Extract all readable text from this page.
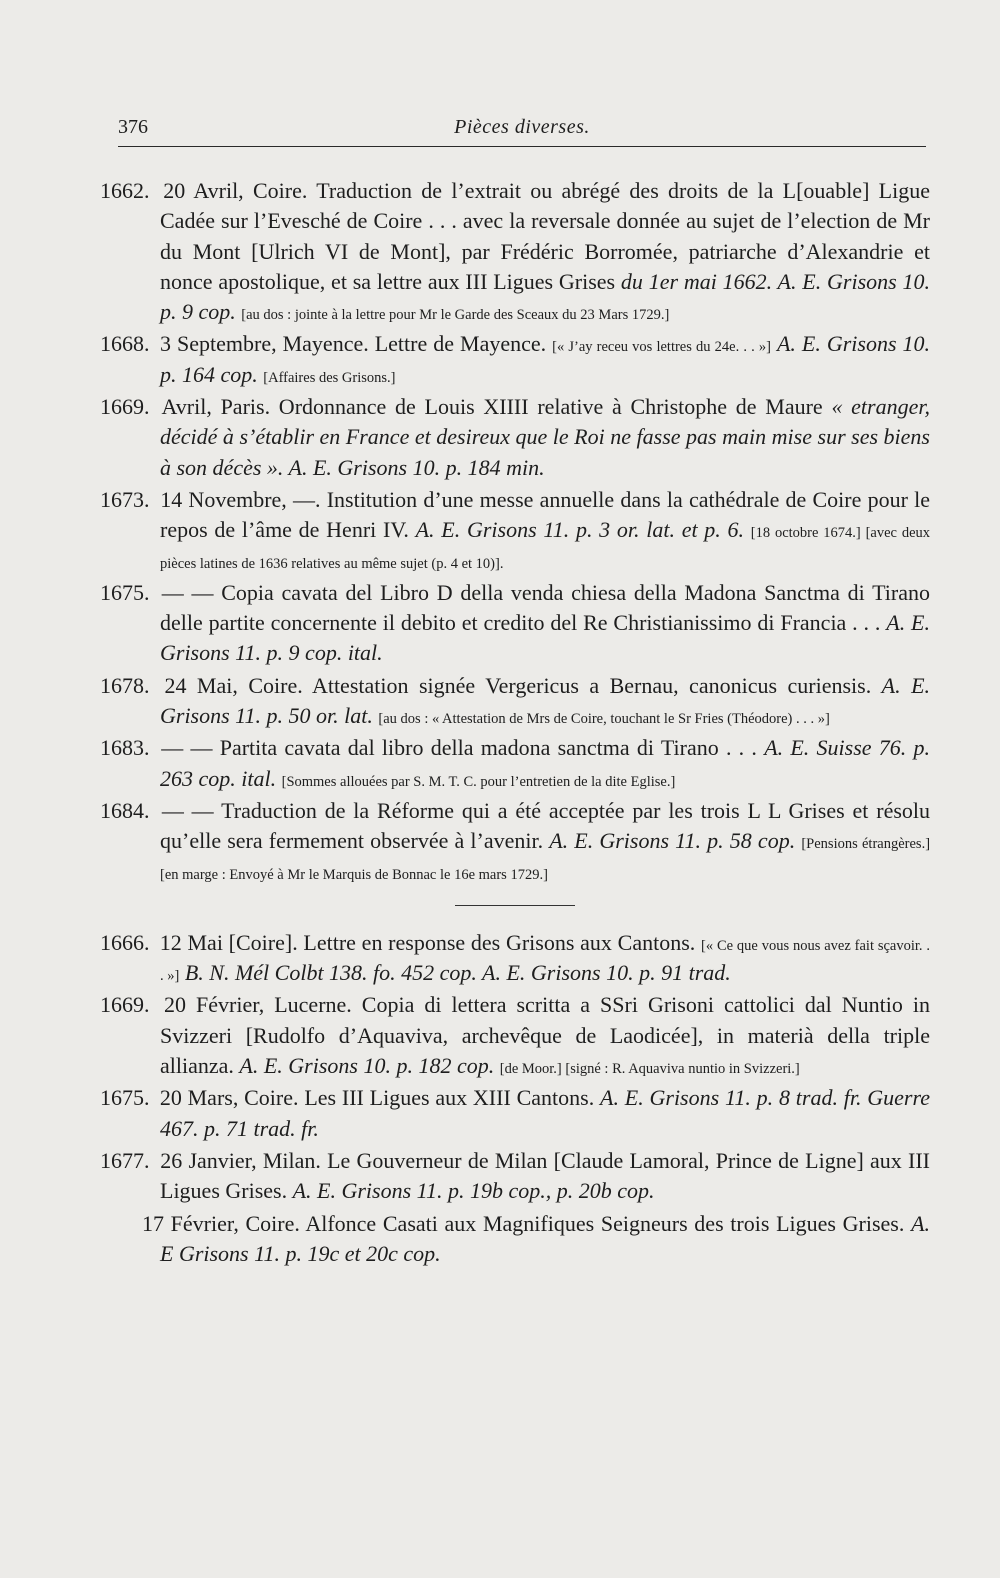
376	Pièces diverses.

1662. 20 Avril, Coire. Traduction de l’extrait ou abrégé des droits de la L[ouable] Ligue Cadée sur l’Evesché de Coire . . . avec la reversale donnée au sujet de l’election de Mr du Mont [Ulrich VI de Mont], par Frédéric Borromée, patriarche d’Alexandrie et nonce apostolique, et sa lettre aux III Ligues Grises du 1er mai 1662. A. E. Grisons 10. p. 9 cop. [au dos : jointe à la lettre pour Mr le Garde des Sceaux du 23 Mars 1729.]

1668. 3 Septembre, Mayence. Lettre de Mayence. [« J’ay receu vos lettres du 24e. . . »] A. E. Grisons 10. p. 164 cop. [Affaires des Grisons.]

1669. Avril, Paris. Ordonnance de Louis XIIII relative à Christophe de Maure « etranger, décidé à s’établir en France et desireux que le Roi ne fasse pas main mise sur ses biens à son décès ». A. E. Grisons 10. p. 184 min.

1673. 14 Novembre, —. Institution d’une messe annuelle dans la cathédrale de Coire pour le repos de l’âme de Henri IV. A. E. Grisons 11. p. 3 or. lat. et p. 6. [18 octobre 1674.] [avec deux pièces latines de 1636 relatives au même sujet (p. 4 et 10)].

1675. — — Copia cavata del Libro D della venda chiesa della Madona Sanctma di Tirano delle partite concernente il debito et credito del Re Christianissimo di Francia . . . A. E. Grisons 11. p. 9 cop. ital.

1678. 24 Mai, Coire. Attestation signée Vergericus a Bernau, canonicus curiensis. A. E. Grisons 11. p. 50 or. lat. [au dos : « Attestation de Mrs de Coire, touchant le Sr Fries (Théodore) . . . »]

1683. — — Partita cavata dal libro della madona sanctma di Tirano . . . A. E. Suisse 76. p. 263 cop. ital. [Sommes allouées par S. M. T. C. pour l’entretien de la dite Eglise.]

1684. — — Traduction de la Réforme qui a été acceptée par les trois L L Grises et résolu qu’elle sera fermement observée à l’avenir. A. E. Grisons 11. p. 58 cop. [Pensions étrangères.] [en marge : Envoyé à Mr le Marquis de Bonnac le 16e mars 1729.]

1666. 12 Mai [Coire]. Lettre en response des Grisons aux Cantons. [« Ce que vous nous avez fait sçavoir. . . »] B. N. Mél Colbt 138. fo. 452 cop. A. E. Grisons 10. p. 91 trad.

1669. 20 Février, Lucerne. Copia di lettera scritta a SSri Grisoni cattolici dal Nuntio in Svizzeri [Rudolfo d’Aquaviva, archevêque de Laodicée], in materià della triple allianza. A. E. Grisons 10. p. 182 cop. [de Moor.] [signé : R. Aquaviva nuntio in Svizzeri.]

1675. 20 Mars, Coire. Les III Ligues aux XIII Cantons. A. E. Grisons 11. p. 8 trad. fr. Guerre 467. p. 71 trad. fr.

1677. 26 Janvier, Milan. Le Gouverneur de Milan [Claude Lamoral, Prince de Ligne] aux III Ligues Grises. A. E. Grisons 11. p. 19b cop., p. 20b cop.

17 Février, Coire. Alfonce Casati aux Magnifiques Seigneurs des trois Ligues Grises. A. E Grisons 11. p. 19c et 20c cop.
